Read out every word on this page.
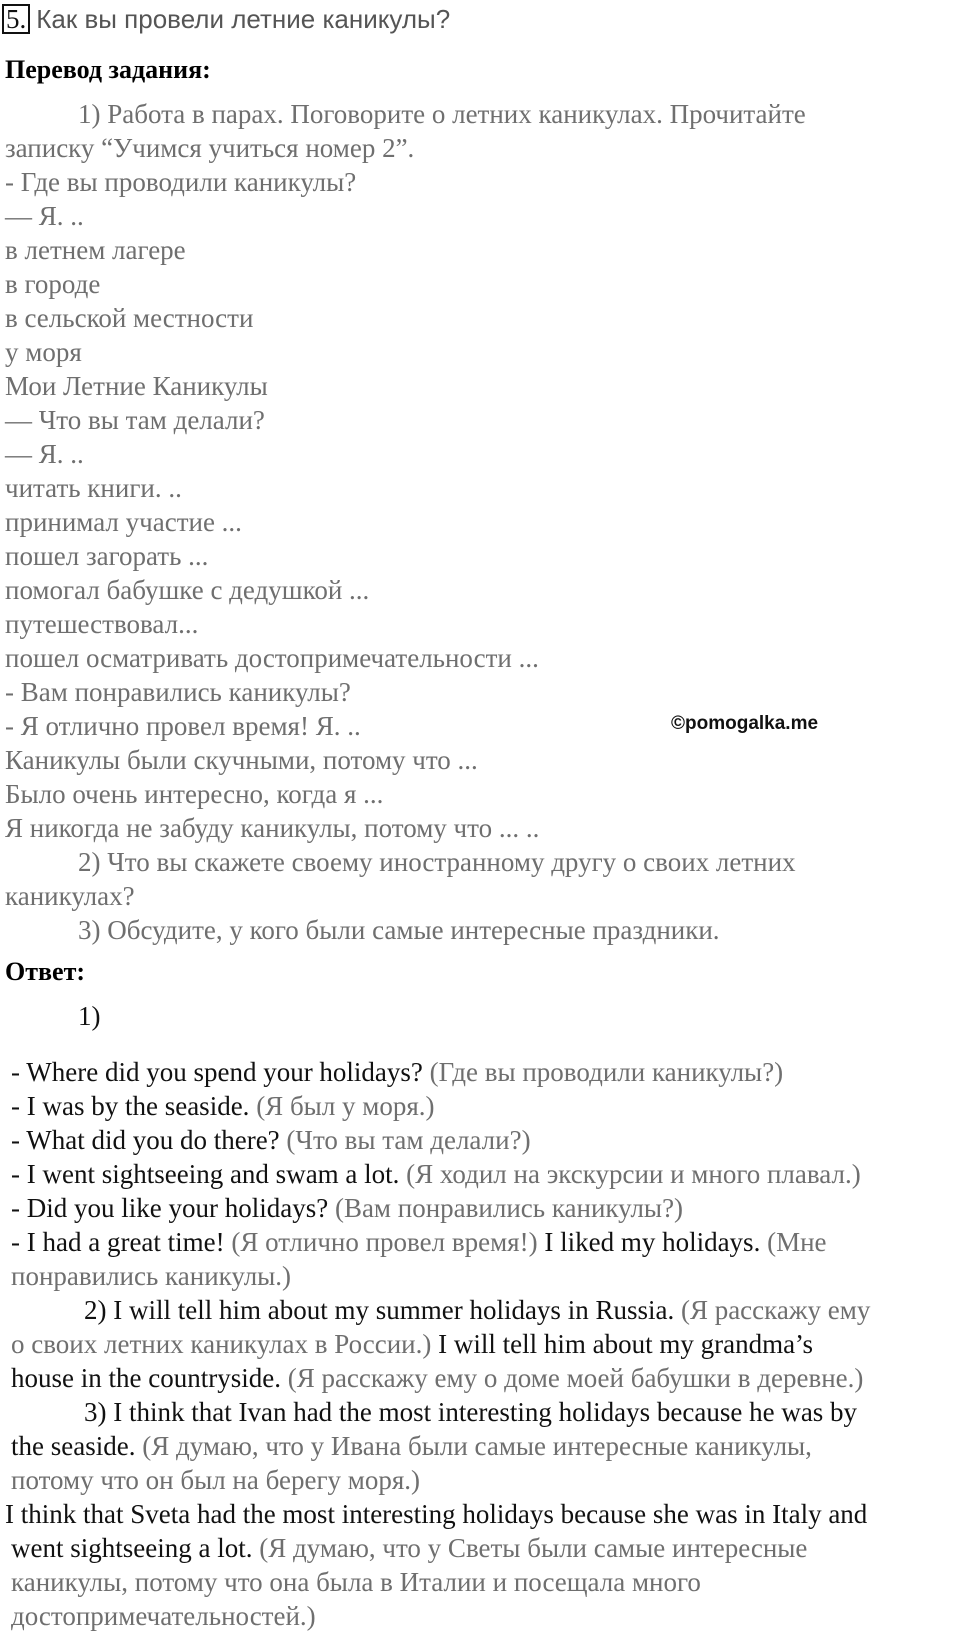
5. Как вы провели летние каникулы?
Перевод задания:
1) Работа в парах. Поговорите о летних каникулах. Прочитайте
записку “Учимся учиться номер 2”.
- Где вы проводили каникулы?
— Я. ..
в летнем лагере
в городе
в сельской местности
у моря
Мои Летние Каникулы
— Что вы там делали?
— Я. ..
читать книги. ..
принимал участие ...
пошел загорать ...
помогал бабушке с дедушкой ...
путешествовал...
пошел осматривать достопримечательности ...
- Вам понравились каникулы?
- Я отлично провел время! Я. ..
Каникулы были скучными, потому что ...
Было очень интересно, когда я ...
Я никогда не забуду каникулы, потому что ... ..
2) Что вы скажете своему иностранному другу о своих летних
каникулах?
3) Обсудите, у кого были самые интересные праздники.
©pomogalka.me
Ответ:
1)
- Where did you spend your holidays? (Где вы проводили каникулы?)
- I was by the seaside. (Я был у моря.)
- What did you do there? (Что вы там делали?)
- I went sightseeing and swam a lot. (Я ходил на экскурсии и много плавал.)
- Did you like your holidays? (Вам понравились каникулы?)
- I had a great time! (Я отлично провел время!) I liked my holidays. (Мне
понравились каникулы.)
2) I will tell him about my summer holidays in Russia. (Я расскажу ему
о своих летних каникулах в России.) I will tell him about my grandma’s
house in the countryside. (Я расскажу ему о доме моей бабушки в деревне.)
3) I think that Ivan had the most interesting holidays because he was by
the seaside. (Я думаю, что у Ивана были самые интересные каникулы,
потому что он был на берегу моря.)
I think that Sveta had the most interesting holidays because she was in Italy and
went sightseeing a lot. (Я думаю, что у Светы были самые интересные
каникулы, потому что она была в Италии и посещала много
достопримечательностей.)
